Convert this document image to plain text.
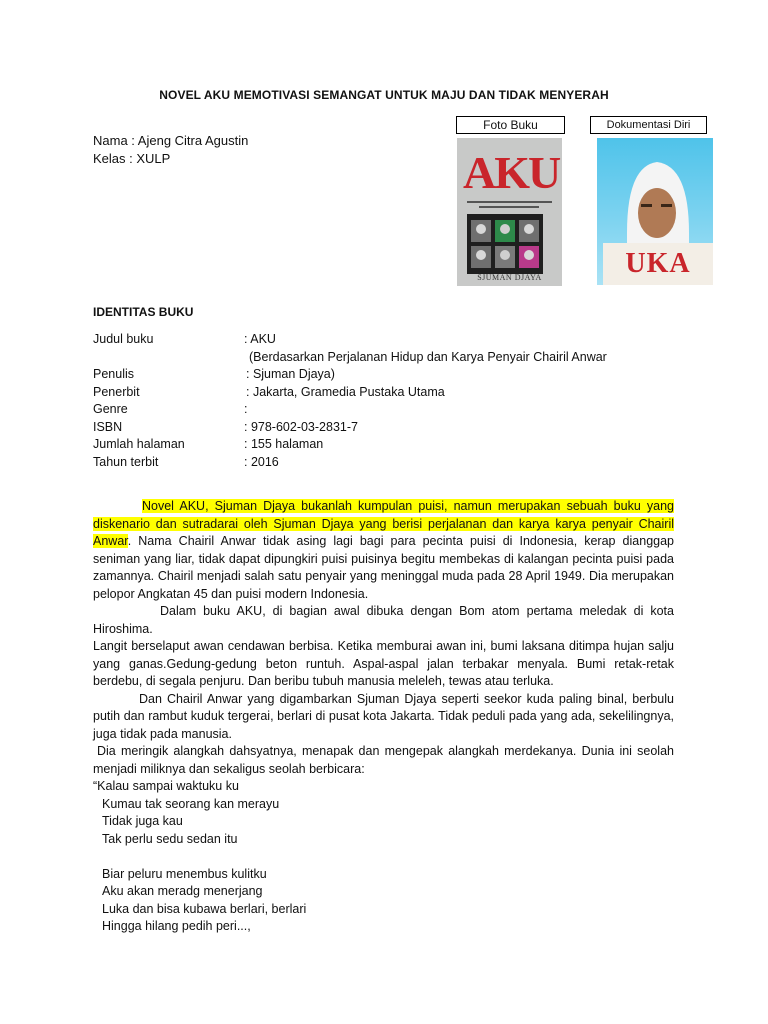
NOVEL AKU MEMOTIVASI SEMANGAT UNTUK MAJU DAN TIDAK MENYERAH
Nama : Ajeng Citra Agustin
Kelas : XULP
Foto Buku	Dokumentasi Diri
AKU
SJUMAN DJAYA	UKA
IDENTITAS BUKU
Judul buku	: AKU
(Berdasarkan Perjalanan Hidup dan Karya Penyair Chairil Anwar
Penulis	: Sjuman Djaya)
Penerbit	: Jakarta, Gramedia Pustaka Utama
Genre	:
ISBN	: 978-602-03-2831-7
Jumlah halaman	: 155 halaman
Tahun terbit	: 2016
Novel AKU, Sjuman Djaya bukanlah kumpulan puisi, namun merupakan sebuah buku yang diskenario dan sutradarai oleh Sjuman Djaya yang berisi perjalanan dan karya karya penyair Chairil Anwar. Nama Chairil Anwar tidak asing lagi bagi para pecinta puisi di Indonesia, kerap dianggap seniman yang liar, tidak dapat dipungkiri puisi puisinya begitu membekas di kalangan pecinta puisi pada zamannya. Chairil menjadi salah satu penyair yang meninggal muda pada 28 April 1949. Dia merupakan pelopor Angkatan 45 dan puisi modern Indonesia.
Dalam buku AKU, di bagian awal dibuka dengan Bom atom pertama meledak di kota Hiroshima.
Langit berselaput awan cendawan berbisa. Ketika memburai awan ini, bumi laksana ditimpa hujan salju yang ganas.Gedung-gedung beton runtuh. Aspal-aspal jalan terbakar menyala. Bumi retak-retak berdebu, di segala penjuru. Dan beribu tubuh manusia meleleh, tewas atau terluka.
Dan Chairil Anwar yang digambarkan Sjuman Djaya seperti seekor kuda paling binal, berbulu putih dan rambut kuduk tergerai, berlari di pusat kota Jakarta. Tidak peduli pada yang ada, sekelilingnya, juga tidak pada manusia.
Dia meringik alangkah dahsyatnya, menapak dan mengepak alangkah merdekanya. Dunia ini seolah menjadi miliknya dan sekaligus seolah berbicara:
“Kalau sampai waktuku ku
Kumau tak seorang kan merayu
Tidak juga kau
Tak perlu sedu sedan itu
Biar peluru menembus kulitku
Aku akan meradg menerjang
Luka dan bisa kubawa berlari, berlari
Hingga hilang pedih peri...,
